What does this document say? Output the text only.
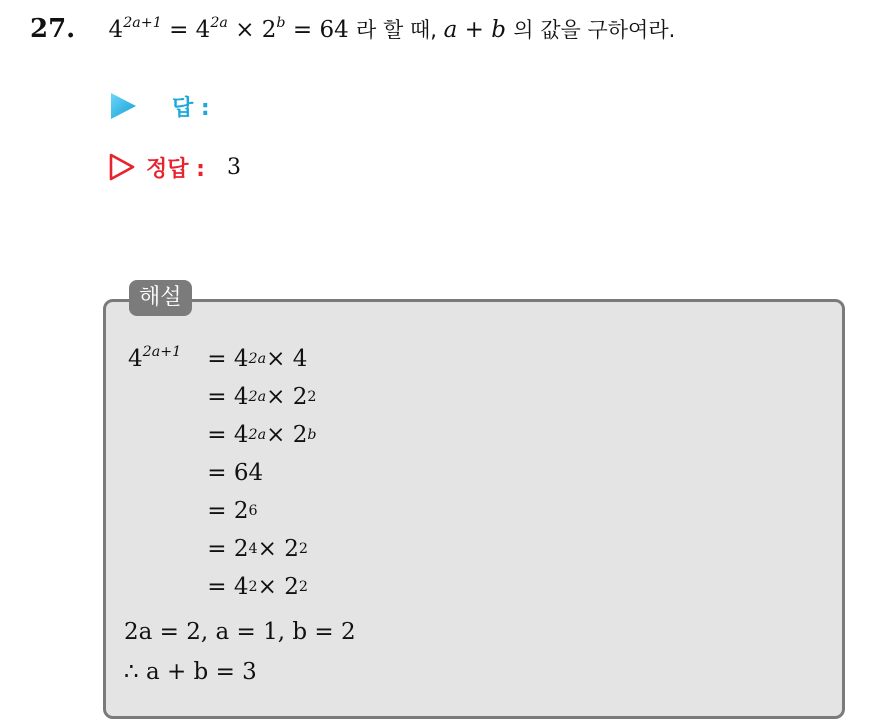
27. $4^{2a+1} = 4^{2a} \times 2^b = 64$ 라 할 때, a + b 의 값을 구하여라.
답 :
정답 : 3
해설
$4^{2a+1} = 4$ 2a × 4
= 4 2a × 2 2
= 4 2a × 2 b
= 64
= 2 6
= 2 4 × 2 2
= 4 2 × 2 2
2a = 2, a = 1, b = 2
∴ a + b = 3
